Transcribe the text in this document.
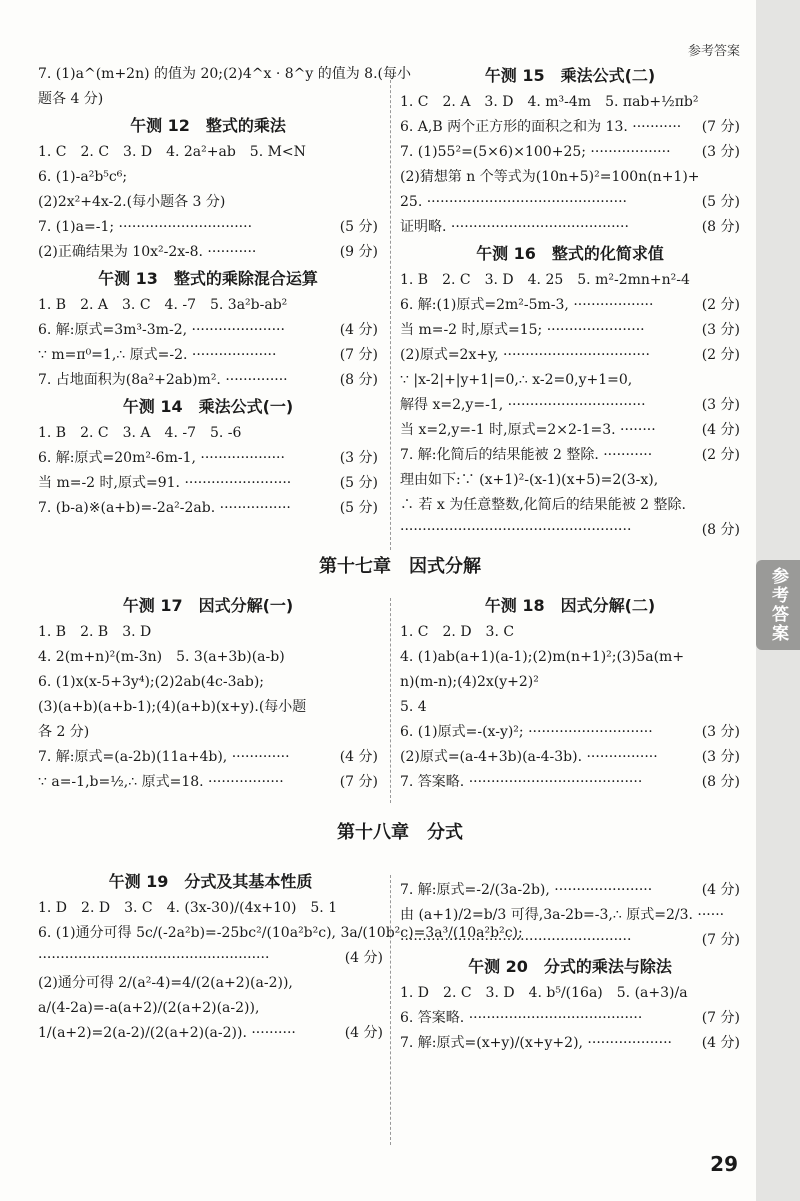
参考答案
参考答案
7. (1)a^(m+2n) 的值为 20;(2)4^x · 8^y 的值为 8.(每小
题各 4 分)
午测 12　整式的乘法
1. C　2. C　3. D　4. 2a²+ab　5. M<N
6. (1)-a²b⁵c⁶;
(2)2x²+4x-2.(每小题各 3 分)
7. (1)a=-1; ······························	(5 分)
(2)正确结果为 10x²-2x-8. ···········	(9 分)
午测 13　整式的乘除混合运算
1. B　2. A　3. C　4. -7　5. 3a²b-ab²
6. 解:原式=3m³-3m-2, ·····················	(4 分)
∵ m=π⁰=1,∴ 原式=-2. ···················	(7 分)
7. 占地面积为(8a²+2ab)m². ··············	(8 分)
午测 14　乘法公式(一)
1. B　2. C　3. A　4. -7　5. -6
6. 解:原式=20m²-6m-1, ···················	(3 分)
当 m=-2 时,原式=91. ························	(5 分)
7. (b-a)※(a+b)=-2a²-2ab. ················	(5 分)
午测 15　乘法公式(二)
1. C　2. A　3. D　4. m³-4m　5. πab+½πb²
6. A,B 两个正方形的面积之和为 13. ··········· (7 分)
7. (1)55²=(5×6)×100+25; ·················· (3 分)
(2)猜想第 n 个等式为(10n+5)²=100n(n+1)+
25. ·············································	(5 分)
证明略. ········································	(8 分)
午测 16　整式的化简求值
1. B　2. C　3. D　4. 25　5. m²-2mn+n²-4
6. 解:(1)原式=2m²-5m-3, ··················	(2 分)
当 m=-2 时,原式=15; ······················	(3 分)
(2)原式=2x+y, ·································	(2 分)
∵ |x-2|+|y+1|=0,∴ x-2=0,y+1=0,
解得 x=2,y=-1, ·······························	(3 分)
当 x=2,y=-1 时,原式=2×2-1=3. ········	(4 分)
7. 解:化简后的结果能被 2 整除. ···········	(2 分)
理由如下:∵ (x+1)²-(x-1)(x+5)=2(3-x),
∴ 若 x 为任意整数,化简后的结果能被 2 整除.
····················································	(8 分)
第十七章　因式分解
午测 17　因式分解(一)
1. B　2. B　3. D
4. 2(m+n)²(m-3n)　5. 3(a+3b)(a-b)
6. (1)x(x-5+3y⁴);(2)2ab(4c-3ab);
(3)(a+b)(a+b-1);(4)(a+b)(x+y).(每小题
各 2 分)
7. 解:原式=(a-2b)(11a+4b), ·············	(4 分)
∵ a=-1,b=½,∴ 原式=18. ·················	(7 分)
午测 18　因式分解(二)
1. C　2. D　3. C
4. (1)ab(a+1)(a-1);(2)m(n+1)²;(3)5a(m+
n)(m-n);(4)2x(y+2)²
5. 4
6. (1)原式=-(x-y)²; ····························	(3 分)
(2)原式=(a-4+3b)(a-4-3b). ················	(3 分)
7. 答案略. ·······································	(8 分)
第十八章　分式
午测 19　分式及其基本性质
1. D　2. D　3. C　4. (3x-30)/(4x+10)　5. 1
6. (1)通分可得 5c/(-2a²b)=-25bc²/(10a²b²c), 3a/(10b²c)=3a³/(10a²b²c);
····················································	(4 分)
(2)通分可得 2/(a²-4)=4/(2(a+2)(a-2)),
a/(4-2a)=-a(a+2)/(2(a+2)(a-2)),
1/(a+2)=2(a-2)/(2(a+2)(a-2)). ··········	(4 分)
7. 解:原式=-2/(3a-2b), ······················	(4 分)
由 (a+1)/2=b/3 可得,3a-2b=-3,∴ 原式=2/3. ······
····················································	(7 分)
午测 20　分式的乘法与除法
1. D　2. C　3. D　4. b⁵/(16a)　5. (a+3)/a
6. 答案略. ·······································	(7 分)
7. 解:原式=(x+y)/(x+y+2), ··················· (4 分)
29
